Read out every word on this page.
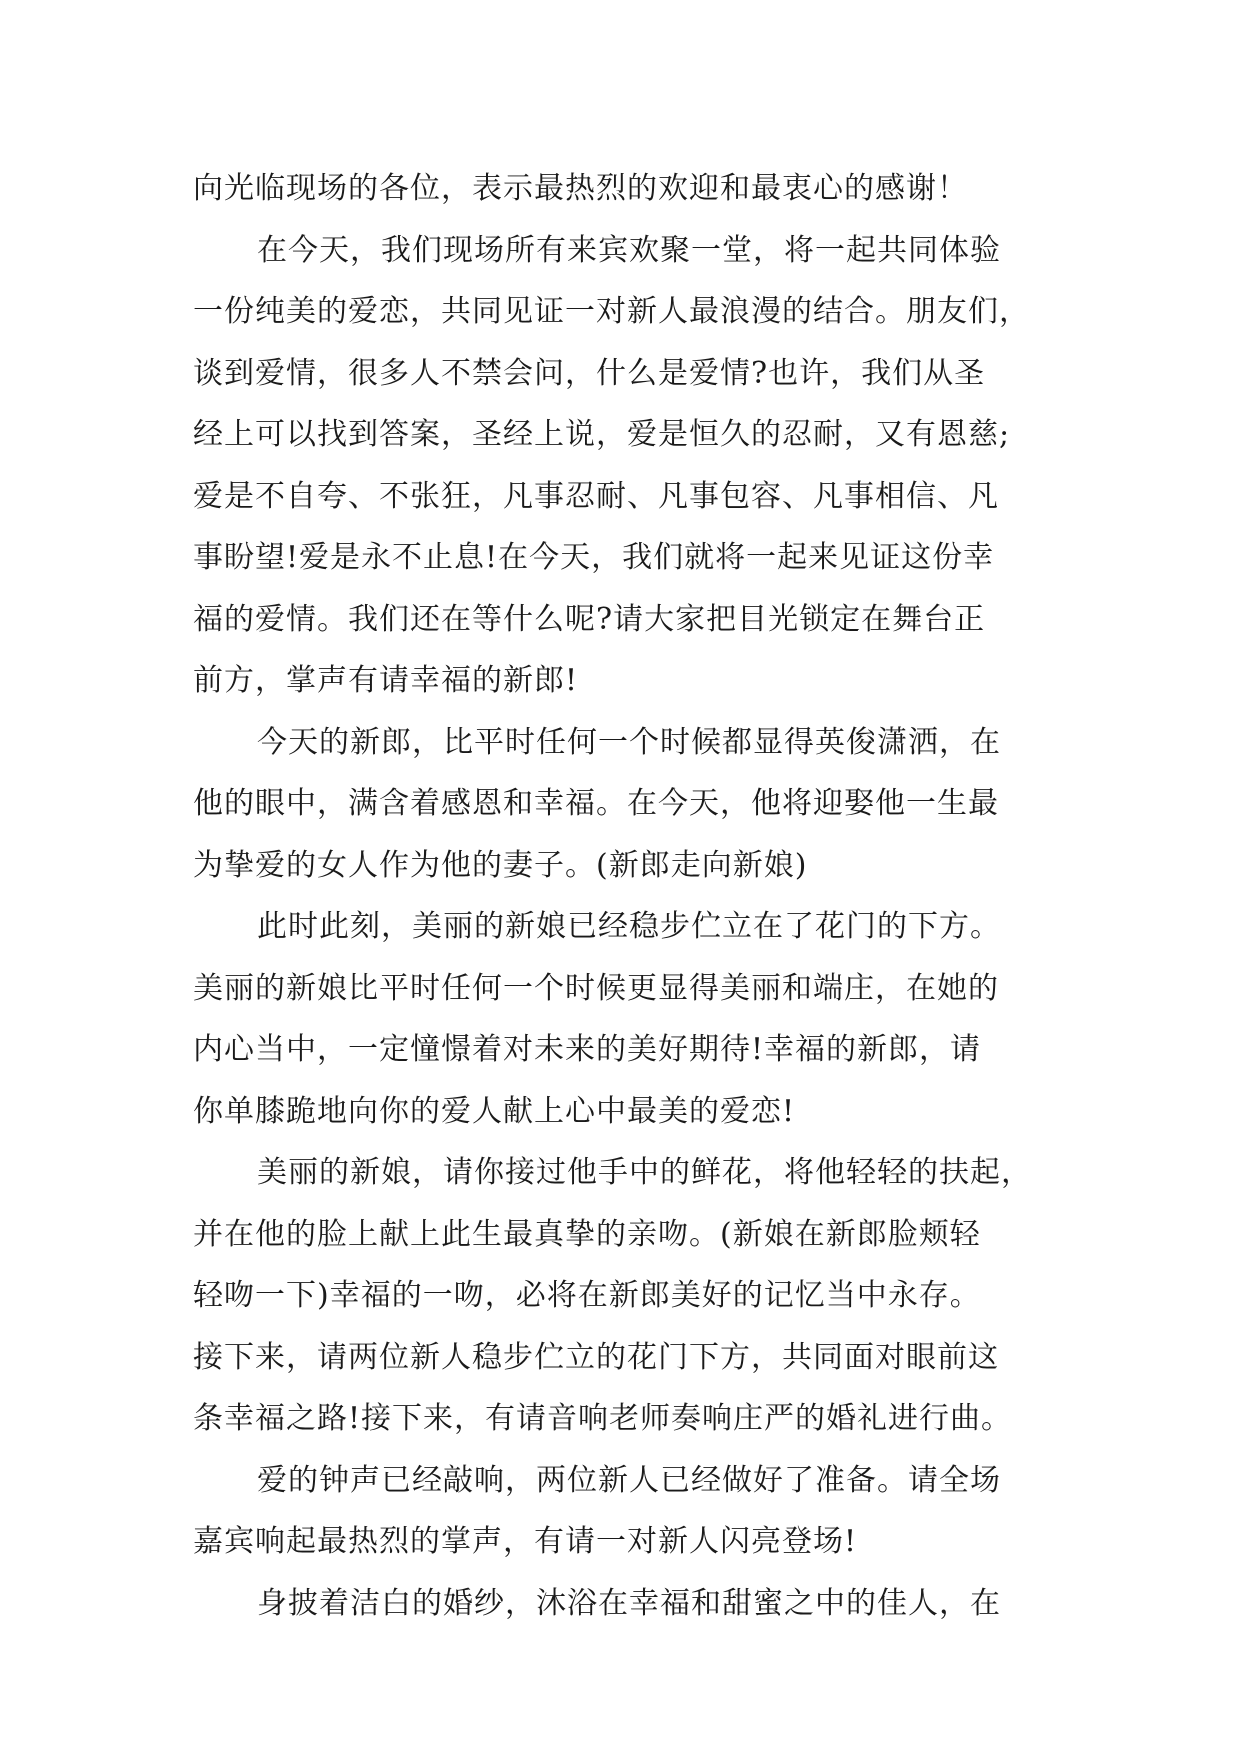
向光临现场的各位，表示最热烈的欢迎和最衷心的感谢！
在今天，我们现场所有来宾欢聚一堂，将一起共同体验
一份纯美的爱恋，共同见证一对新人最浪漫的结合。朋友们，
谈到爱情，很多人不禁会问，什么是爱情?也许，我们从圣
经上可以找到答案，圣经上说，爱是恒久的忍耐，又有恩慈;
爱是不自夸、不张狂，凡事忍耐、凡事包容、凡事相信、凡
事盼望!爱是永不止息!在今天，我们就将一起来见证这份幸
福的爱情。我们还在等什么呢?请大家把目光锁定在舞台正
前方，掌声有请幸福的新郎!
今天的新郎，比平时任何一个时候都显得英俊潇洒，在
他的眼中，满含着感恩和幸福。在今天，他将迎娶他一生最
为挚爱的女人作为他的妻子。(新郎走向新娘)
此时此刻，美丽的新娘已经稳步伫立在了花门的下方。
美丽的新娘比平时任何一个时候更显得美丽和端庄，在她的
内心当中，一定憧憬着对未来的美好期待!幸福的新郎，请
你单膝跪地向你的爱人献上心中最美的爱恋!
美丽的新娘，请你接过他手中的鲜花，将他轻轻的扶起，
并在他的脸上献上此生最真挚的亲吻。(新娘在新郎脸颊轻
轻吻一下)幸福的一吻，必将在新郎美好的记忆当中永存。
接下来，请两位新人稳步伫立的花门下方，共同面对眼前这
条幸福之路!接下来，有请音响老师奏响庄严的婚礼进行曲。
爱的钟声已经敲响，两位新人已经做好了准备。请全场
嘉宾响起最热烈的掌声，有请一对新人闪亮登场!
身披着洁白的婚纱，沐浴在幸福和甜蜜之中的佳人，在
